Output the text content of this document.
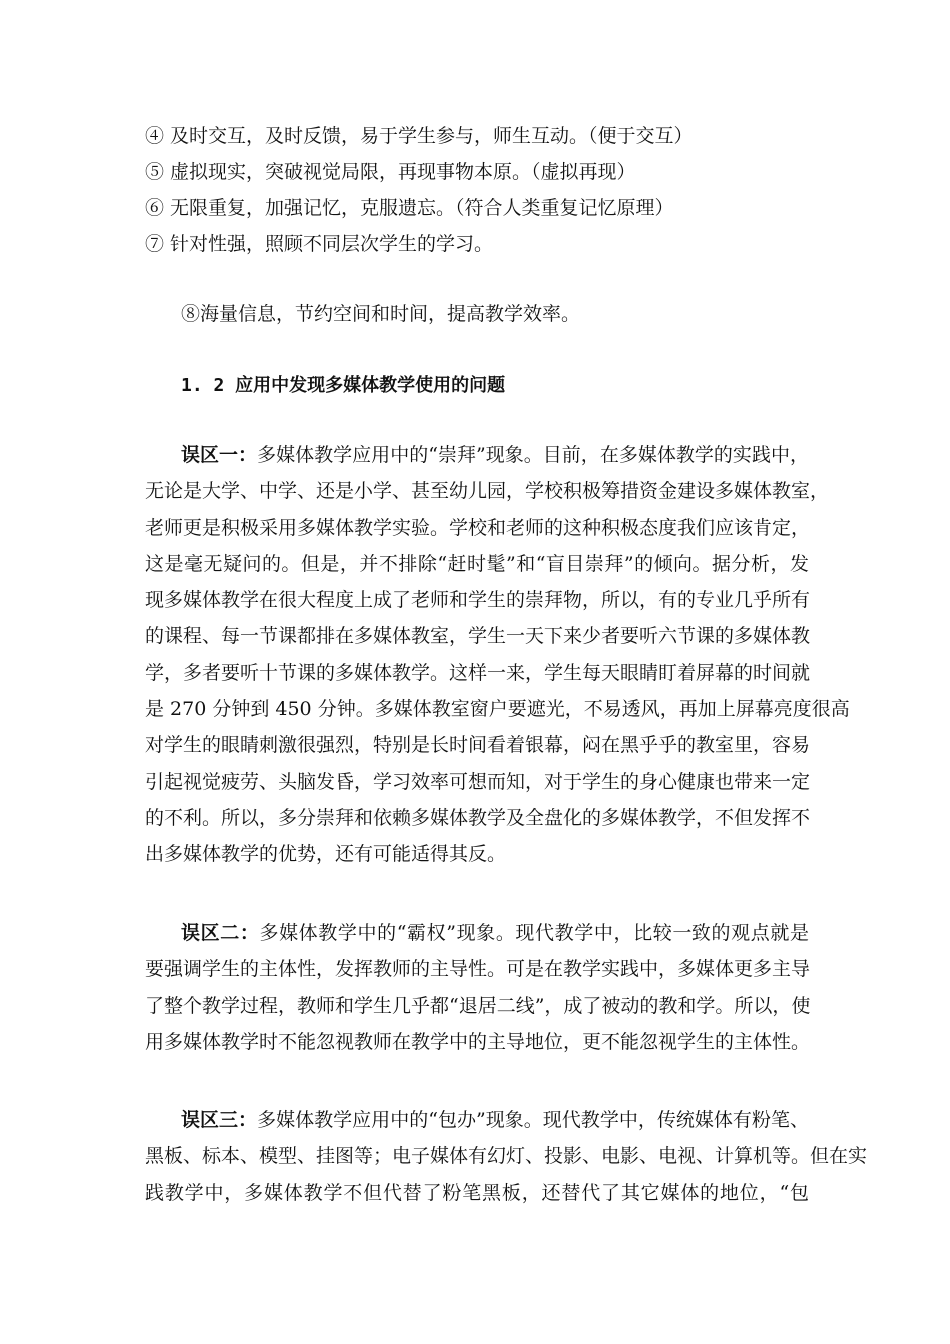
④ 及时交互，及时反馈，易于学生参与，师生互动。（便于交互）
⑤ 虚拟现实，突破视觉局限，再现事物本原。（虚拟再现）
⑥ 无限重复，加强记忆，克服遗忘。（符合人类重复记忆原理）
⑦ 针对性强，照顾不同层次学生的学习。
⑧海量信息，节约空间和时间，提高教学效率。
1. 2 应用中发现多媒体教学使用的问题
误区一：多媒体教学应用中的“崇拜”现象。目前，在多媒体教学的实践中，
无论是大学、中学、还是小学、甚至幼儿园，学校积极筹措资金建设多媒体教室，
老师更是积极采用多媒体教学实验。学校和老师的这种积极态度我们应该肯定，
这是毫无疑问的。但是，并不排除“赶时髦”和“盲目崇拜”的倾向。据分析，发
现多媒体教学在很大程度上成了老师和学生的崇拜物，所以，有的专业几乎所有
的课程、每一节课都排在多媒体教室，学生一天下来少者要听六节课的多媒体教
学，多者要听十节课的多媒体教学。这样一来，学生每天眼睛盯着屏幕的时间就
是 270 分钟到 450 分钟。多媒体教室窗户要遮光，不易透风，再加上屏幕亮度很高
对学生的眼睛刺激很强烈，特别是长时间看着银幕，闷在黑乎乎的教室里，容易
引起视觉疲劳、头脑发昏，学习效率可想而知，对于学生的身心健康也带来一定
的不利。所以，多分崇拜和依赖多媒体教学及全盘化的多媒体教学，不但发挥不
出多媒体教学的优势，还有可能适得其反。
误区二：多媒体教学中的“霸权”现象。现代教学中，比较一致的观点就是
要强调学生的主体性，发挥教师的主导性。可是在教学实践中，多媒体更多主导
了整个教学过程，教师和学生几乎都“退居二线”，成了被动的教和学。所以，使
用多媒体教学时不能忽视教师在教学中的主导地位，更不能忽视学生的主体性。
误区三：多媒体教学应用中的“包办”现象。现代教学中，传统媒体有粉笔、
黑板、标本、模型、挂图等；电子媒体有幻灯、投影、电影、电视、计算机等。但在实
践教学中，多媒体教学不但代替了粉笔黑板，还替代了其它媒体的地位，“包
